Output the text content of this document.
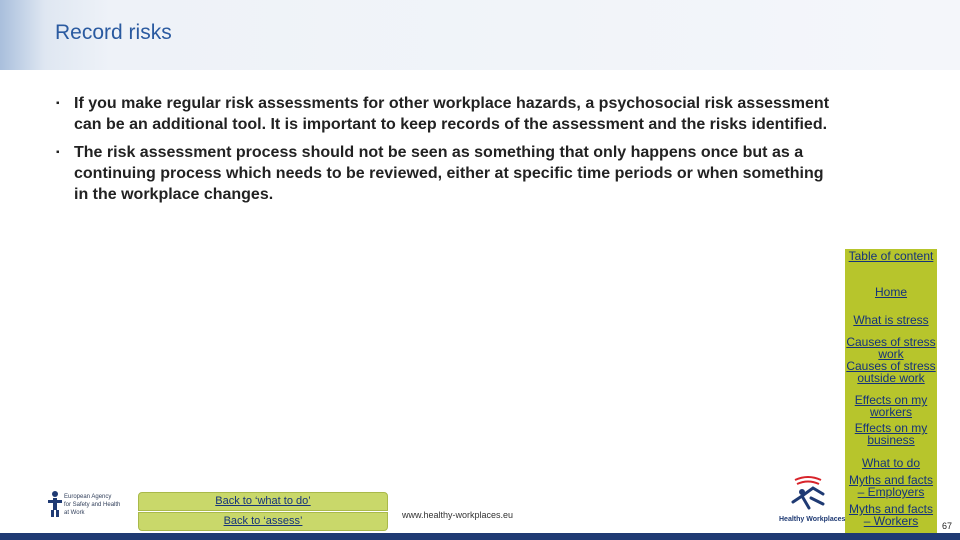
Record risks
▪ If you make regular risk assessments for other workplace hazards, a psychosocial risk assessment can be an additional tool. It is important to keep records of the assessment and the risks identified.
▪ The risk assessment process should not be seen as something that only happens once but as a continuing process which needs to be reviewed, either at specific time periods or when something in the workplace changes.
Table of content
Home
What is stress
Causes of stress work
Causes of stress outside work
Effects on my workers
Effects on my business
What to do
Myths and facts – Employers
Myths and facts – Workers
Back to ‘what to do’
Back to ‘assess’
European Agency
for Safety and Health
at Work	www.healthy-workplaces.eu	Healthy Workplaces
67
